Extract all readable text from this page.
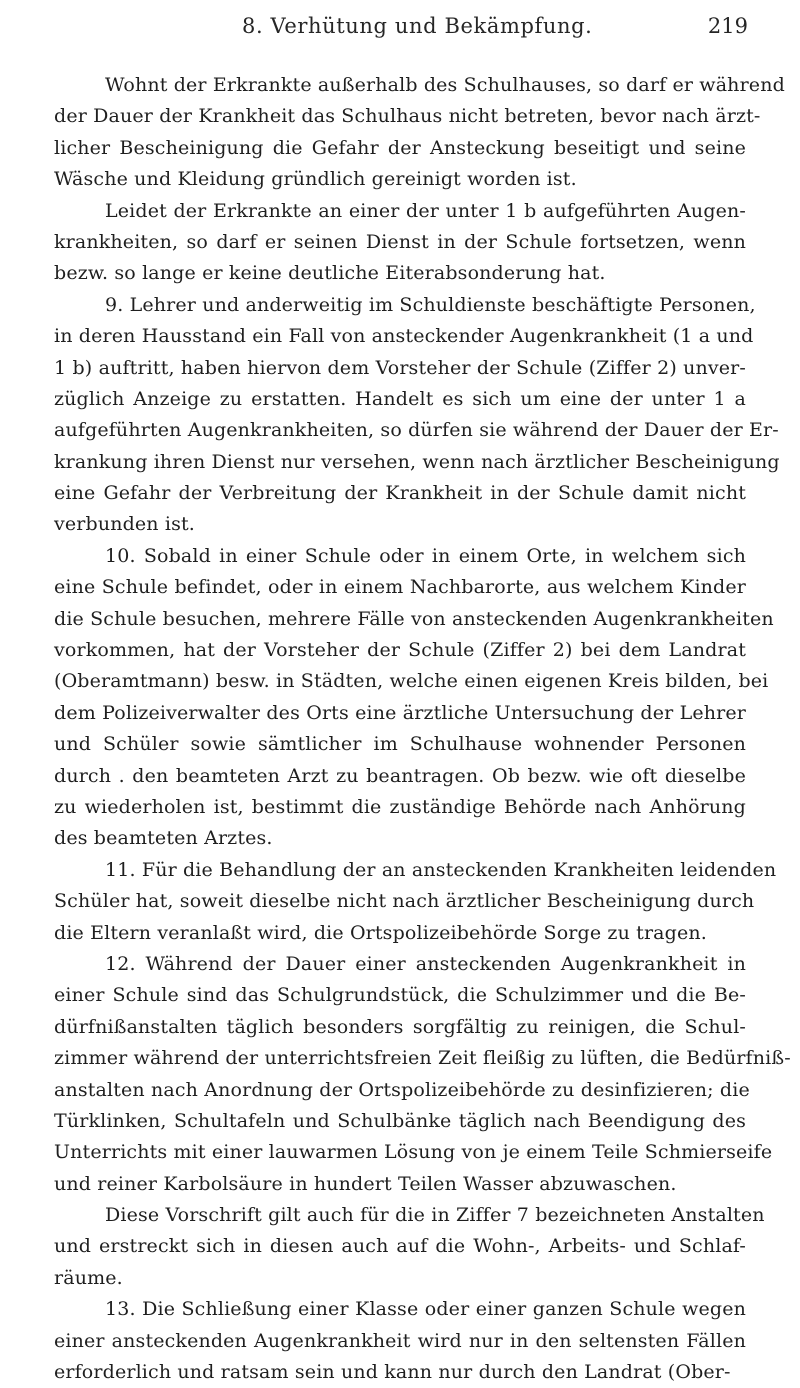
8. Verhütung und Bekämpfung.	219

Wohnt der Erkrankte außerhalb des Schulhauses, so darf er während
der Dauer der Krankheit das Schulhaus nicht betreten, bevor nach ärzt-
licher Bescheinigung die Gefahr der Ansteckung beseitigt und seine
Wäsche und Kleidung gründlich gereinigt worden ist.

Leidet der Erkrankte an einer der unter 1 b aufgeführten Augen-
krankheiten, so darf er seinen Dienst in der Schule fortsetzen, wenn
bezw. so lange er keine deutliche Eiterabsonderung hat.

9. Lehrer und anderweitig im Schuldienste beschäftigte Personen,
in deren Hausstand ein Fall von ansteckender Augenkrankheit (1 a und
1 b) auftritt, haben hiervon dem Vorsteher der Schule (Ziffer 2) unver-
züglich Anzeige zu erstatten. Handelt es sich um eine der unter 1 a
aufgeführten Augenkrankheiten, so dürfen sie während der Dauer der Er-
krankung ihren Dienst nur versehen, wenn nach ärztlicher Bescheinigung
eine Gefahr der Verbreitung der Krankheit in der Schule damit nicht
verbunden ist.

10. Sobald in einer Schule oder in einem Orte, in welchem sich
eine Schule befindet, oder in einem Nachbarorte, aus welchem Kinder
die Schule besuchen, mehrere Fälle von ansteckenden Augenkrankheiten
vorkommen, hat der Vorsteher der Schule (Ziffer 2) bei dem Landrat
(Oberamtmann) besw. in Städten, welche einen eigenen Kreis bilden, bei
dem Polizeiverwalter des Orts eine ärztliche Untersuchung der Lehrer
und Schüler sowie sämtlicher im Schulhause wohnender Personen
durch . den beamteten Arzt zu beantragen. Ob bezw. wie oft dieselbe
zu wiederholen ist, bestimmt die zuständige Behörde nach Anhörung
des beamteten Arztes.

11. Für die Behandlung der an ansteckenden Krankheiten leidenden
Schüler hat, soweit dieselbe nicht nach ärztlicher Bescheinigung durch
die Eltern veranlaßt wird, die Ortspolizeibehörde Sorge zu tragen.

12. Während der Dauer einer ansteckenden Augenkrankheit in
einer Schule sind das Schulgrundstück, die Schulzimmer und die Be-
dürfnißanstalten täglich besonders sorgfältig zu reinigen, die Schul-
zimmer während der unterrichtsfreien Zeit fleißig zu lüften, die Bedürfniß-
anstalten nach Anordnung der Ortspolizeibehörde zu desinfizieren; die
Türklinken, Schultafeln und Schulbänke täglich nach Beendigung des
Unterrichts mit einer lauwarmen Lösung von je einem Teile Schmierseife
und reiner Karbolsäure in hundert Teilen Wasser abzuwaschen.

Diese Vorschrift gilt auch für die in Ziffer 7 bezeichneten Anstalten
und erstreckt sich in diesen auch auf die Wohn-, Arbeits- und Schlaf-
räume.

13. Die Schließung einer Klasse oder einer ganzen Schule wegen
einer ansteckenden Augenkrankheit wird nur in den seltensten Fällen
erforderlich und ratsam sein und kann nur durch den Landrat (Ober-
